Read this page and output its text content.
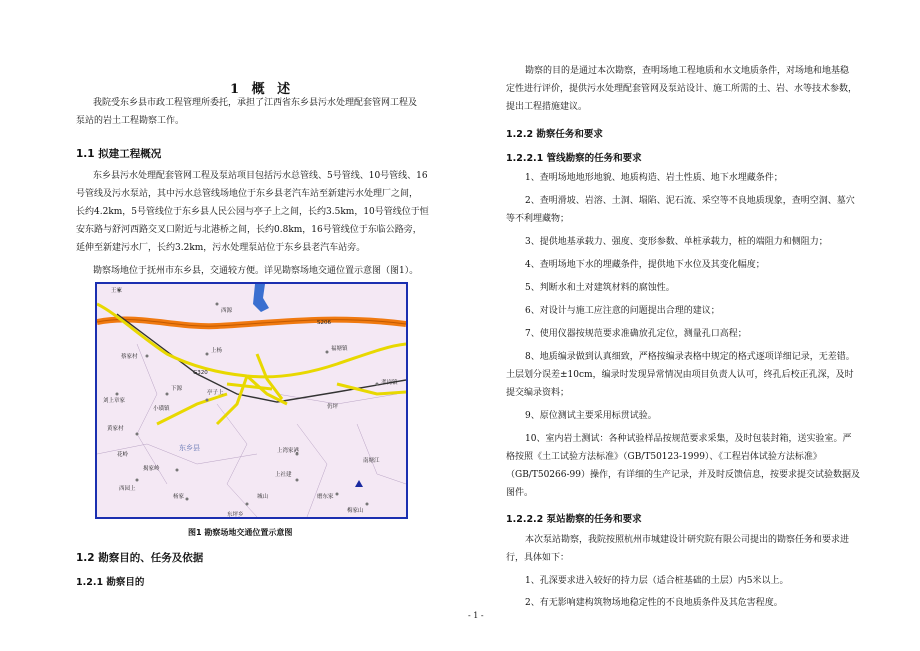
1 概 述
我院受东乡县市政工程管理所委托，承担了江西省东乡县污水处理配套管网工程及
泵站的岩土工程勘察工作。
1.1 拟建工程概况
东乡县污水处理配套管网工程及泵站项目包括污水总管线、5号管线、10号管线、16
号管线及污水泵站，其中污水总管线场地位于东乡县老汽车站至新建污水处理厂之间，
长约4.2km，5号管线位于东乡县人民公园与亭子上之间，长约3.5km，10号管线位于恒
安东路与舒河西路交叉口附近与北港桥之间，长约0.8km，16号管线位于东临公路旁，
延伸至新建污水厂，长约3.2km，污水处理泵站位于东乡县老汽车站旁。
勘察场地位于抚州市东乡县，交通较方便。详见勘察场地交通位置示意图（图1）。
东乡县
王家
西源
上杨
蔡家村
福塘镇
下源
孝岗镇
刘上章家
亭子上
小璜镇	仍坪
黄家村
花岭
揭家岭
西园上
杨家
东坪乡
上湾家港
上社建
城山	磨东家
梅家山
南塘江
G320
S206
图1 勘察场地交通位置示意图
1.2 勘察目的、任务及依据
1.2.1 勘察目的
勘察的目的是通过本次勘察，查明场地工程地质和水文地质条件，对场地和地基稳
定性进行评价，提供污水处理配套管网及泵站设计、施工所需的土、岩、水等技术参数，
提出工程措施建议。
1.2.2 勘察任务和要求
1.2.2.1 管线勘察的任务和要求
1、查明场地地形地貌、地质构造、岩土性质、地下水埋藏条件；
2、查明滑坡、岩溶、土洞、塌陷、泥石流、采空等不良地质现象，查明空洞、墓穴
等不利埋藏物；
3、提供地基承载力、强度、变形参数、单桩承载力，桩的端阻力和侧阻力；
4、查明场地下水的埋藏条件，提供地下水位及其变化幅度；
5、判断水和土对建筑材料的腐蚀性。
6、对设计与施工应注意的问题提出合理的建议；
7、使用仪器按规范要求准确放孔定位，测量孔口高程；
8、地质编录做到认真细致，严格按编录表格中规定的格式逐项详细记录，无差错。
土层划分误差±10cm，编录时发现异常情况由项目负责人认可，终孔后校正孔深，及时
提交编录资料；
9、原位测试主要采用标贯试验。
10、室内岩土测试：各种试验样品按规范要求采集，及时包装封箱，送实验室。严
格按照《土工试验方法标准》（GB/T50123-1999）、《工程岩体试验方法标准》
（GB/T50266-99）操作，有详细的生产记录，并及时反馈信息，按要求提交试验数据及
图件。
1.2.2.2 泵站勘察的任务和要求
本次泵站勘察，我院按照杭州市城建设计研究院有限公司提出的勘察任务和要求进
行，具体如下：
1、孔深要求进入较好的持力层（适合桩基础的土层）内5米以上。
2、有无影响建构筑物场地稳定性的不良地质条件及其危害程度。
- 1 -
